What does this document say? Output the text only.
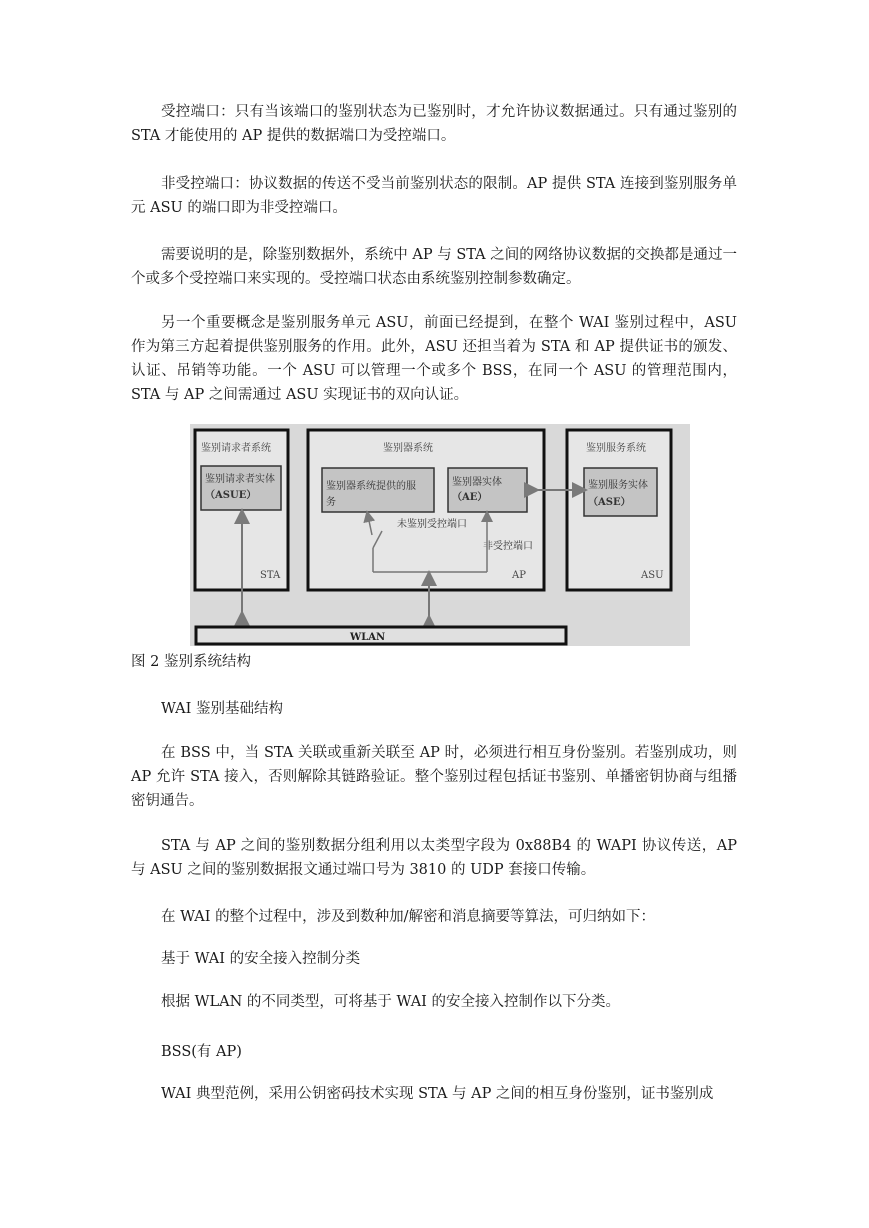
受控端口：只有当该端口的鉴别状态为已鉴别时，才允许协议数据通过。只有通过鉴别的 STA 才能使用的 AP 提供的数据端口为受控端口。

非受控端口：协议数据的传送不受当前鉴别状态的限制。AP 提供 STA 连接到鉴别服务单元 ASU 的端口即为非受控端口。

需要说明的是，除鉴别数据外，系统中 AP 与 STA 之间的网络协议数据的交换都是通过一个或多个受控端口来实现的。受控端口状态由系统鉴别控制参数确定。

另一个重要概念是鉴别服务单元 ASU，前面已经提到，在整个 WAI 鉴别过程中，ASU 作为第三方起着提供鉴别服务的作用。此外，ASU 还担当着为 STA 和 AP 提供证书的颁发、认证、吊销等功能。一个 ASU 可以管理一个或多个 BSS，在同一个 ASU 的管理范围内，STA 与 AP 之间需通过 ASU 实现证书的双向认证。

鉴别请求者系统
鉴别请求者实体
（ASUE）
STA
鉴别器系统
鉴别器系统提供的服
务
鉴别器实体
（AE）
未鉴别受控端口
非受控端口
AP
鉴别服务系统
鉴别服务实体
（ASE）
ASU
WLAN

图 2 鉴别系统结构

WAI 鉴别基础结构

在 BSS 中，当 STA 关联或重新关联至 AP 时，必须进行相互身份鉴别。若鉴别成功，则 AP 允许 STA 接入，否则解除其链路验证。整个鉴别过程包括证书鉴别、单播密钥协商与组播密钥通告。

STA 与 AP 之间的鉴别数据分组利用以太类型字段为 0x88B4 的 WAPI 协议传送，AP 与 ASU 之间的鉴别数据报文通过端口号为 3810 的 UDP 套接口传输。

在 WAI 的整个过程中，涉及到数种加/解密和消息摘要等算法，可归纳如下：

基于 WAI 的安全接入控制分类

根据 WLAN 的不同类型，可将基于 WAI 的安全接入控制作以下分类。

BSS(有 AP)

WAI 典型范例，采用公钥密码技术实现 STA 与 AP 之间的相互身份鉴别，证书鉴别成
